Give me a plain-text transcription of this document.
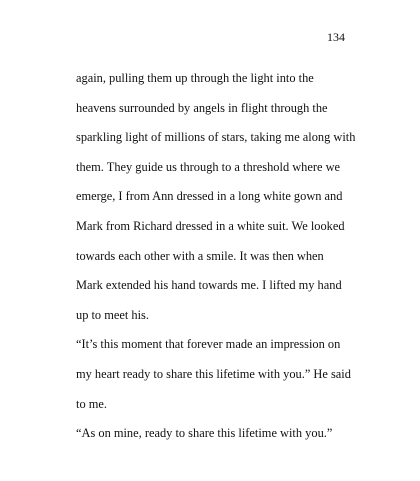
134
again, pulling them up through the light into the
heavens surrounded by angels in flight through the
sparkling light of millions of stars, taking me along with
them. They guide us through to a threshold where we
emerge, I from Ann dressed in a long white gown and
Mark from Richard dressed in a white suit. We looked
towards each other with a smile. It was then when
Mark extended his hand towards me. I lifted my hand
up to meet his.
“It’s this moment that forever made an impression on
my heart ready to share this lifetime with you.” He said
to me.
“As on mine, ready to share this lifetime with you.”
